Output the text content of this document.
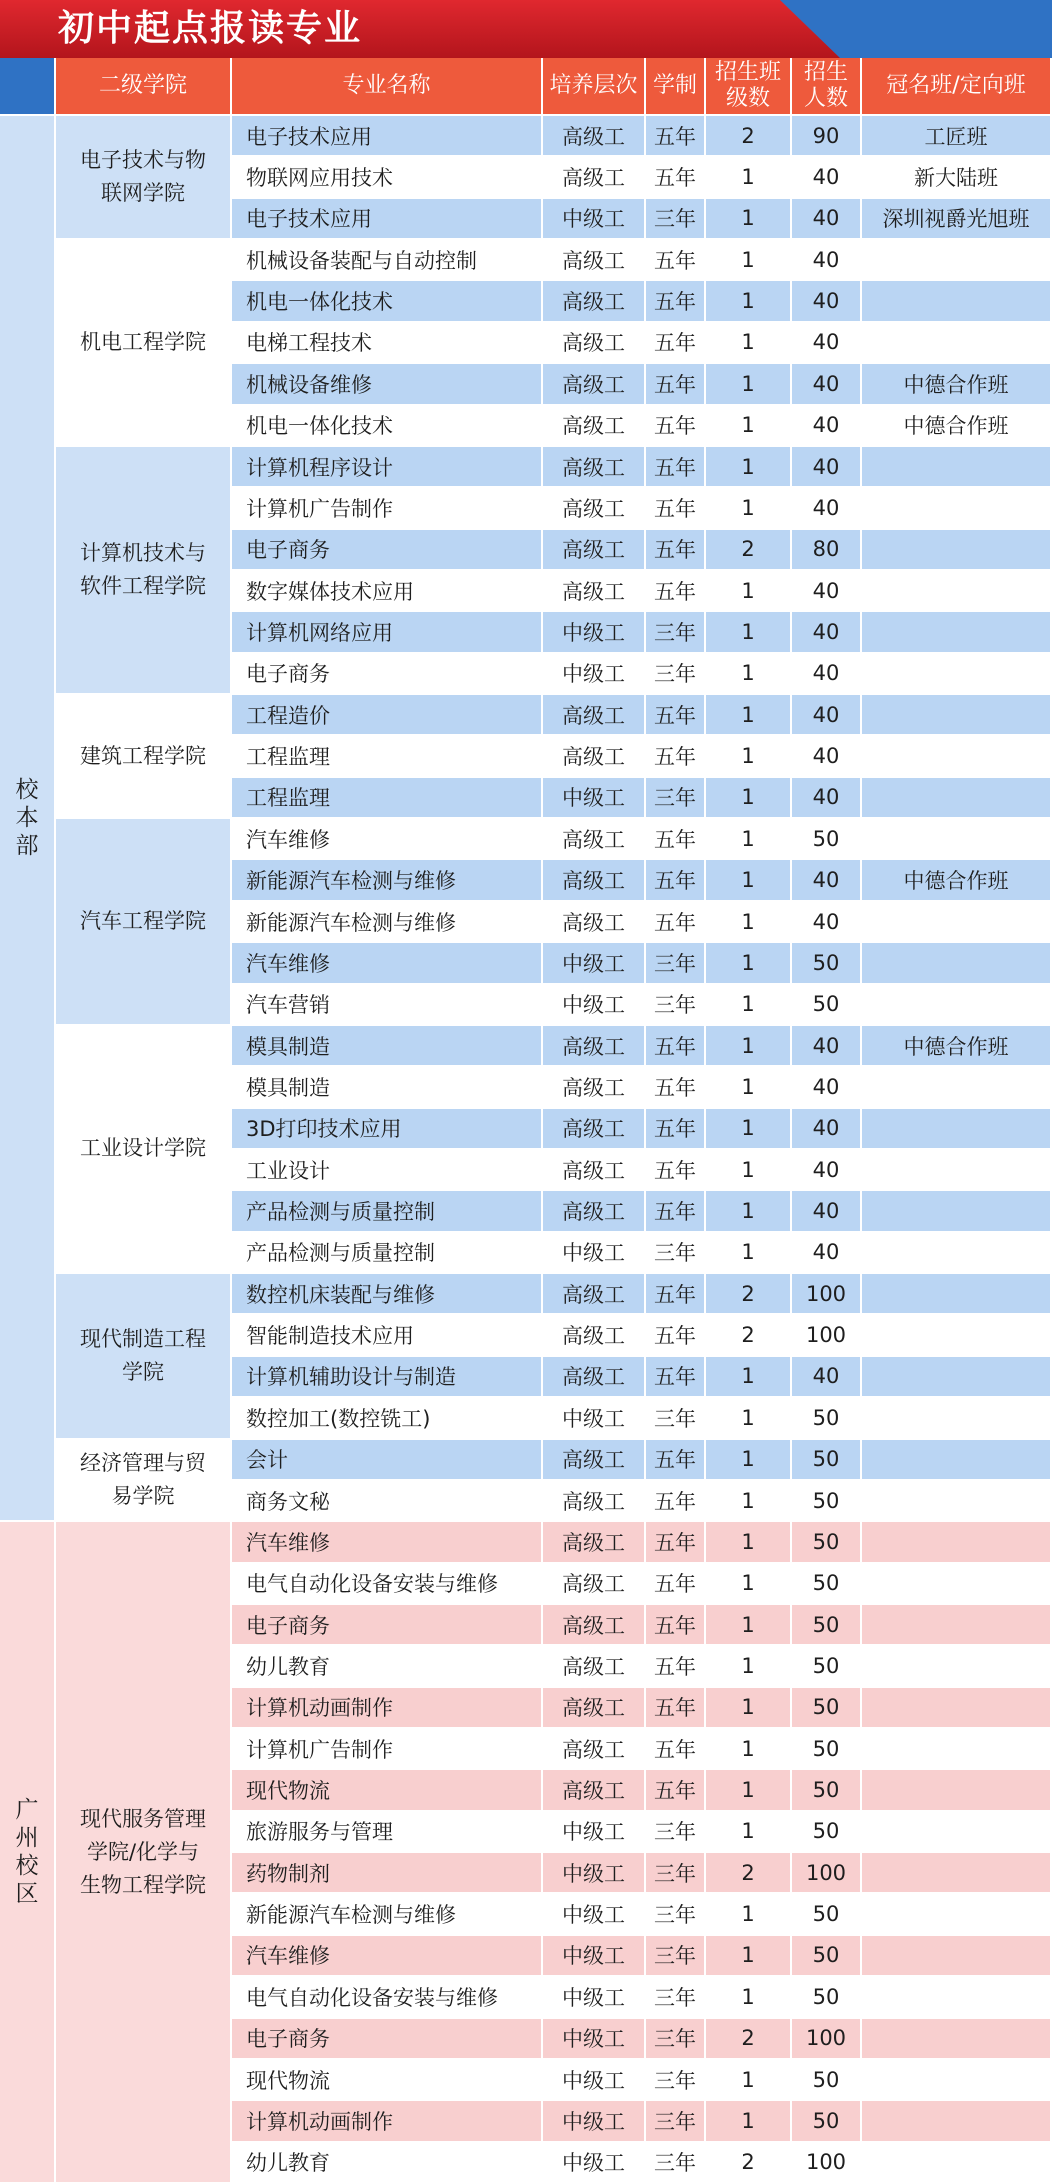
初中起点报读专业
	二级学院	专业名称	培养层次	学制	招生班级数	招生人数	冠名班/定向班
校本部	电子技术与物联网学院	电子技术应用	高级工	五年	2	90	工匠班
		物联网应用技术	高级工	五年	1	40	新大陆班
		电子技术应用	中级工	三年	1	40	深圳视爵光旭班

	机电工程学院	机械设备装配与自动控制	高级工	五年	1	40	
		机电一体化技术	高级工	五年	1	40	
		电梯工程技术	高级工	五年	1	40	
		机械设备维修	高级工	五年	1	40	中德合作班
		机电一体化技术	高级工	五年	1	40	中德合作班

	计算机技术与软件工程学院	计算机程序设计	高级工	五年	1	40	
		计算机广告制作	高级工	五年	1	40	
		电子商务	高级工	五年	2	80	
		数字媒体技术应用	高级工	五年	1	40	
		计算机网络应用	中级工	三年	1	40	
		电子商务	中级工	三年	1	40	

	建筑工程学院	工程造价	高级工	五年	1	40	
		工程监理	高级工	五年	1	40	
		工程监理	中级工	三年	1	40	

	汽车工程学院	汽车维修	高级工	五年	1	50	
		新能源汽车检测与维修	高级工	五年	1	40	中德合作班
		新能源汽车检测与维修	高级工	五年	1	40	
		汽车维修	中级工	三年	1	50	
		汽车营销	中级工	三年	1	50	

	工业设计学院	模具制造	高级工	五年	1	40	中德合作班
		模具制造	高级工	五年	1	40	
		3D打印技术应用	高级工	五年	1	40	
		工业设计	高级工	五年	1	40	
		产品检测与质量控制	高级工	五年	1	40	
		产品检测与质量控制	中级工	三年	1	40	

	现代制造工程学院	数控机床装配与维修	高级工	五年	2	100	
		智能制造技术应用	高级工	五年	2	100	
		计算机辅助设计与制造	高级工	五年	1	40	
		数控加工(数控铣工)	中级工	三年	1	50	

	经济管理与贸易学院	会计	高级工	五年	1	50	
		商务文秘	高级工	五年	1	50	
广州校区	现代服务管理学院/化学与生物工程学院	汽车维修	高级工	五年	1	50	
		电气自动化设备安装与维修	高级工	五年	1	50	
		电子商务	高级工	五年	1	50	
		幼儿教育	高级工	五年	1	50	
		计算机动画制作	高级工	五年	1	50	
		计算机广告制作	高级工	五年	1	50	
		现代物流	高级工	五年	1	50	
		旅游服务与管理	中级工	三年	1	50	
		药物制剂	中级工	三年	2	100	
		新能源汽车检测与维修	中级工	三年	1	50	
		汽车维修	中级工	三年	1	50	
		电气自动化设备安装与维修	中级工	三年	1	50	
		电子商务	中级工	三年	2	100	
		现代物流	中级工	三年	1	50	
		计算机动画制作	中级工	三年	1	50	
		幼儿教育	中级工	三年	2	100	
